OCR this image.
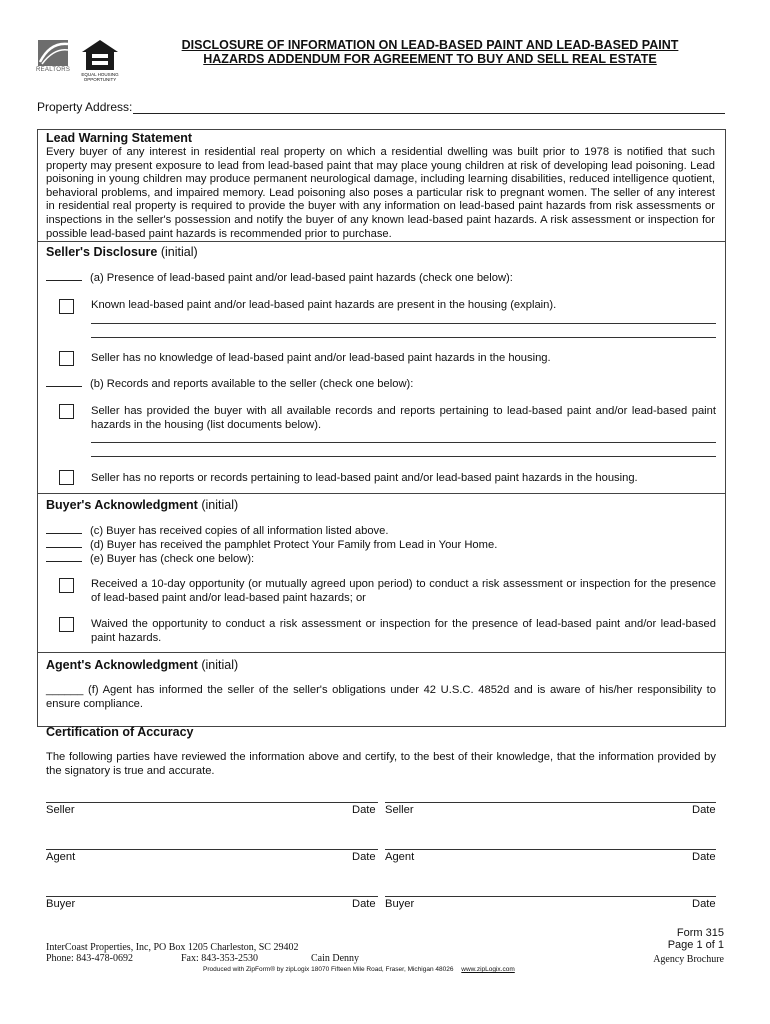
REALTORS
EQUAL HOUSING
OPPORTUNITY
DISCLOSURE OF INFORMATION ON LEAD-BASED PAINT AND LEAD-BASED PAINT
HAZARDS ADDENDUM FOR AGREEMENT TO BUY AND SELL REAL ESTATE
Property Address:
Lead Warning Statement
Every buyer of any interest in residential real property on which a residential dwelling was built prior to 1978 is notified that such property may present exposure to lead from lead-based paint that may place young children at risk of developing lead poisoning. Lead poisoning in young children may produce permanent neurological damage, including learning disabilities, reduced intelligence quotient, behavioral problems, and impaired memory. Lead poisoning also poses a particular risk to pregnant women. The seller of any interest in residential real property is required to provide the buyer with any information on lead-based paint hazards from risk assessments or inspections in the seller's possession and notify the buyer of any known lead-based paint hazards. A risk assessment or inspection for possible lead-based paint hazards is recommended prior to purchase.
Seller's Disclosure (initial)
(a) Presence of lead-based paint and/or lead-based paint hazards (check one below):
Known lead-based paint and/or lead-based paint hazards are present in the housing (explain).
Seller has no knowledge of lead-based paint and/or lead-based paint hazards in the housing.
(b) Records and reports available to the seller (check one below):
Seller has provided the buyer with all available records and reports pertaining to lead-based paint and/or lead-based paint hazards in the housing (list documents below).
Seller has no reports or records pertaining to lead-based paint and/or lead-based paint hazards in the housing.
Buyer's Acknowledgment (initial)
(c) Buyer has received copies of all information listed above.
(d) Buyer has received the pamphlet Protect Your Family from Lead in Your Home.
(e) Buyer has (check one below):
Received a 10-day opportunity (or mutually agreed upon period) to conduct a risk assessment or inspection for the presence of lead-based paint and/or lead-based paint hazards; or
Waived the opportunity to conduct a risk assessment or inspection for the presence of lead-based paint and/or lead-based paint hazards.
Agent's Acknowledgment (initial)
______ (f) Agent has informed the seller of the seller's obligations under 42 U.S.C. 4852d and is aware of his/her responsibility to ensure compliance.
Certification of Accuracy
The following parties have reviewed the information above and certify, to the best of their knowledge, that the information provided by the signatory is true and accurate.
Seller	Date Seller	Date
Agent	Date Agent	Date
Buyer	Date Buyer	Date
Form 315
Page 1 of 1
Agency Brochure
InterCoast Properties, Inc, PO Box 1205 Charleston, SC 29402
Phone: 843-478-0692	Fax: 843-353-2530	Cain Denny
Produced with ZipForm® by zipLogix 18070 Fifteen Mile Road, Fraser, Michigan 48026 www.zipLogix.com
